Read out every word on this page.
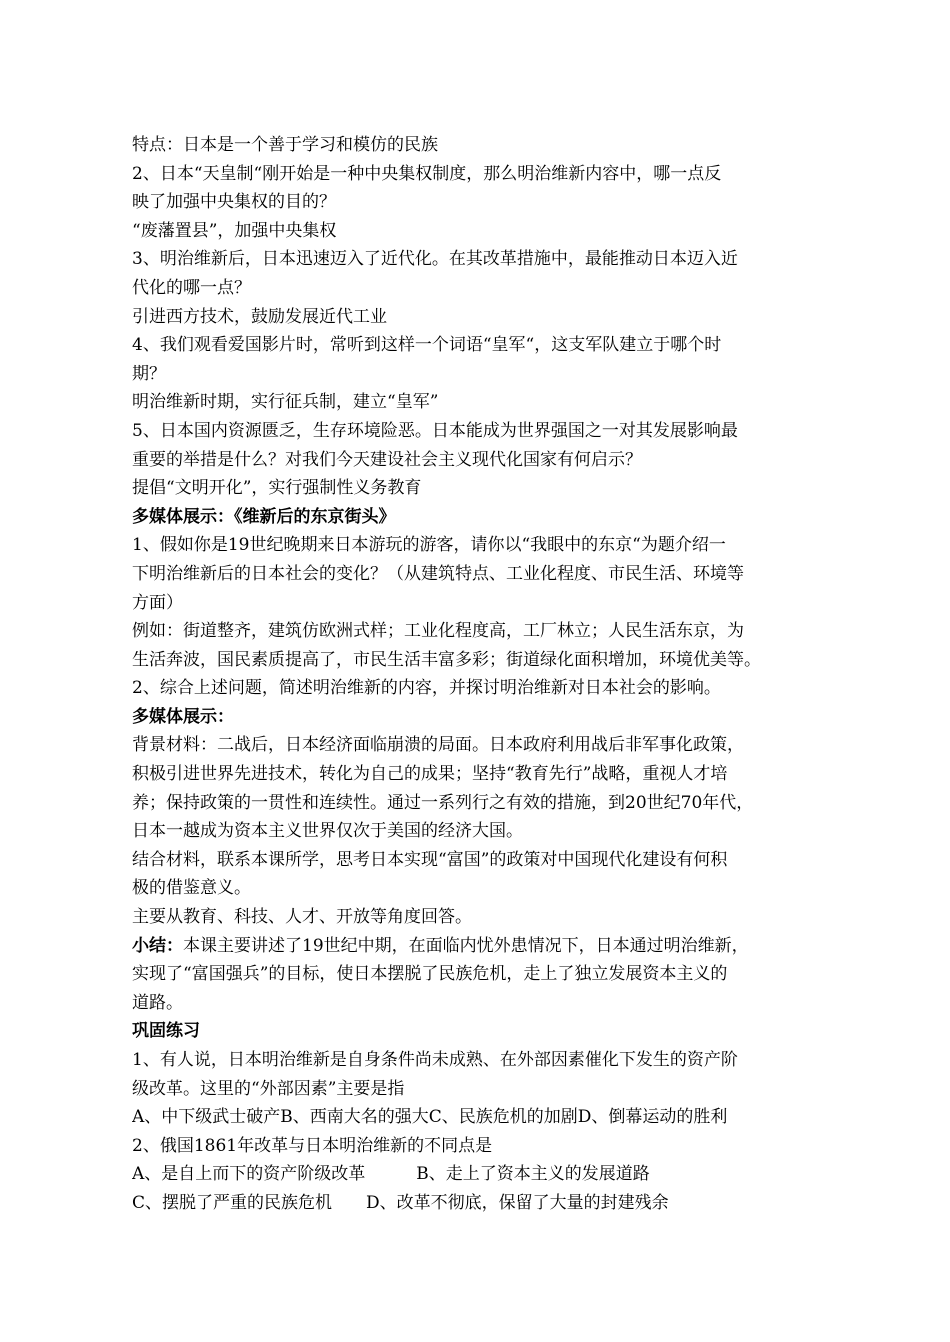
特点：日本是一个善于学习和模仿的民族
2、日本“天皇制“刚开始是一种中央集权制度，那么明治维新内容中，哪一点反
映了加强中央集权的目的？
“废藩置县”，加强中央集权
3、明治维新后，日本迅速迈入了近代化。在其改革措施中，最能推动日本迈入近
代化的哪一点？
引进西方技术，鼓励发展近代工业
4、我们观看爱国影片时，常听到这样一个词语“皇军“，这支军队建立于哪个时
期？
明治维新时期，实行征兵制，建立“皇军”
5、日本国内资源匮乏，生存环境险恶。日本能成为世界强国之一对其发展影响最
重要的举措是什么？对我们今天建设社会主义现代化国家有何启示？
提倡“文明开化”，实行强制性义务教育
多媒体展示：《维新后的东京街头》
1、假如你是19世纪晚期来日本游玩的游客，请你以“我眼中的东京“为题介绍一
下明治维新后的日本社会的变化？（从建筑特点、工业化程度、市民生活、环境等
方面）
例如：街道整齐，建筑仿欧洲式样；工业化程度高，工厂林立；人民生活东京，为
生活奔波，国民素质提高了，市民生活丰富多彩；街道绿化面积增加，环境优美等。
2、综合上述问题，简述明治维新的内容，并探讨明治维新对日本社会的影响。
多媒体展示：
背景材料：二战后，日本经济面临崩溃的局面。日本政府利用战后非军事化政策，
积极引进世界先进技术，转化为自己的成果；坚持“教育先行”战略，重视人才培
养；保持政策的一贯性和连续性。通过一系列行之有效的措施，到20世纪70年代，
日本一越成为资本主义世界仅次于美国的经济大国。
结合材料，联系本课所学，思考日本实现“富国”的政策对中国现代化建设有何积
极的借鉴意义。
主要从教育、科技、人才、开放等角度回答。
小结：本课主要讲述了19世纪中期，在面临内忧外患情况下，日本通过明治维新，
实现了“富国强兵”的目标，使日本摆脱了民族危机，走上了独立发展资本主义的
道路。
巩固练习
1、有人说，日本明治维新是自身条件尚未成熟、在外部因素催化下发生的资产阶
级改革。这里的“外部因素”主要是指
A、中下级武士破产B、西南大名的强大C、民族危机的加剧D、倒幕运动的胜利
2、俄国1861年改革与日本明治维新的不同点是
A、是自上而下的资产阶级改革　　　B、走上了资本主义的发展道路
C、摆脱了严重的民族危机　　D、改革不彻底，保留了大量的封建残余
